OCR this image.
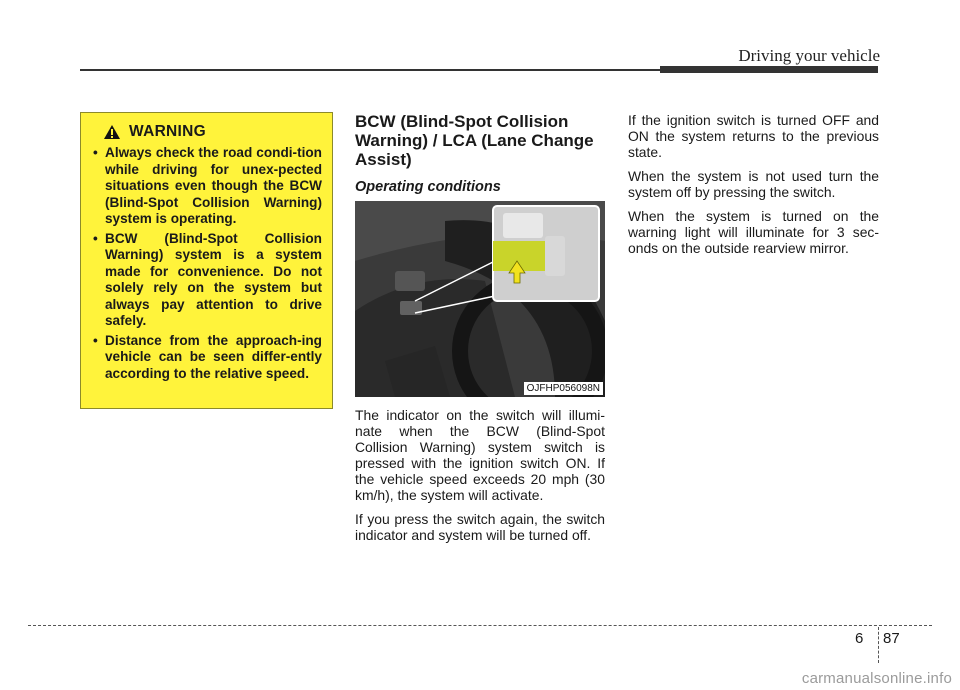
Driving your vehicle
WARNING
• Always check the road condi-tion while driving for unex-pected situations even though the BCW (Blind-Spot Collision Warning) system is operating.
• BCW (Blind-Spot Collision Warning) system is a system made for convenience. Do not solely rely on the system but always pay attention to drive safely.
• Distance from the approach-ing vehicle can be seen differ-ently according to the relative speed.
BCW (Blind-Spot Collision Warning) / LCA (Lane Change Assist)
Operating conditions
OJFHP056098N

The indicator on the switch will illumi-nate when the BCW (Blind-Spot Collision Warning) system switch is pressed with the ignition switch ON. If the vehicle speed exceeds 20 mph (30 km/h), the system will activate.

If you press the switch again, the switch indicator and system will be turned off.

If the ignition switch is turned OFF and ON the system returns to the previous state.

When the system is not used turn the system off by pressing the switch.

When the system is turned on the warning light will illuminate for 3 sec-onds on the outside rearview mirror.

6 87
carmanualsonline.info
